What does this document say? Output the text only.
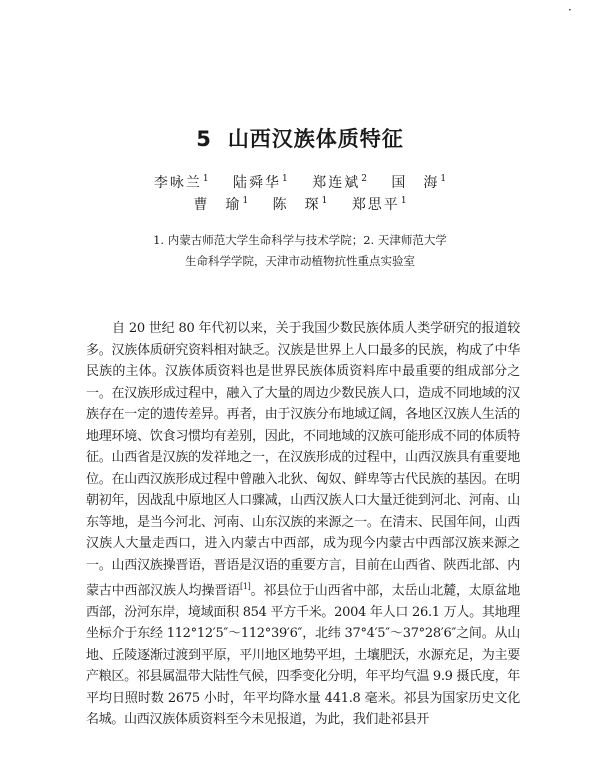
·
5 山西汉族体质特征
李咏兰$^1$ 陆舜华$^1$ 郑连斌$^2$ 国　海$^1$
曹　瑜$^1$ 陈　琛$^1$ 郑思平$^1$
1. 内蒙古师范大学生命科学与技术学院；2. 天津师范大学
生命科学学院，天津市动植物抗性重点实验室

自 20 世纪 80 年代初以来，关于我国少数民族体质人类学研究的报道较多。汉族体质研究资料相对缺乏。汉族是世界上人口最多的民族，构成了中华民族的主体。汉族体质资料也是世界民族体质资料库中最重要的组成部分之一。在汉族形成过程中，融入了大量的周边少数民族人口，造成不同地域的汉族存在一定的遗传差异。再者，由于汉族分布地域辽阔，各地区汉族人生活的地理环境、饮食习惯均有差别，因此，不同地域的汉族可能形成不同的体质特征。山西省是汉族的发祥地之一，在汉族形成的过程中，山西汉族具有重要地位。在山西汉族形成过程中曾融入北狄、匈奴、鲜卑等古代民族的基因。在明朝初年，因战乱中原地区人口骤减，山西汉族人口大量迁徙到河北、河南、山东等地，是当今河北、河南、山东汉族的来源之一。在清末、民国年间，山西汉族人大量走西口，进入内蒙古中西部，成为现今内蒙古中西部汉族来源之一。山西汉族操晋语，晋语是汉语的重要方言，目前在山西省、陕西北部、内蒙古中西部汉族人均操晋语[1]。祁县位于山西省中部，太岳山北麓，太原盆地西部，汾河东岸，境域面积 854 平方千米。2004 年人口 26.1 万人。其地理坐标介于东经 112°12′5″～112°39′6″，北纬 37°4′5″～37°28′6″之间。从山地、丘陵逐渐过渡到平原，平川地区地势平坦，土壤肥沃，水源充足，为主要产粮区。祁县属温带大陆性气候，四季变化分明，年平均气温 9.9 摄氏度，年平均日照时数 2675 小时，年平均降水量 441.8 毫米。祁县为国家历史文化名城。山西汉族体质资料至今未见报道，为此，我们赴祁县开
